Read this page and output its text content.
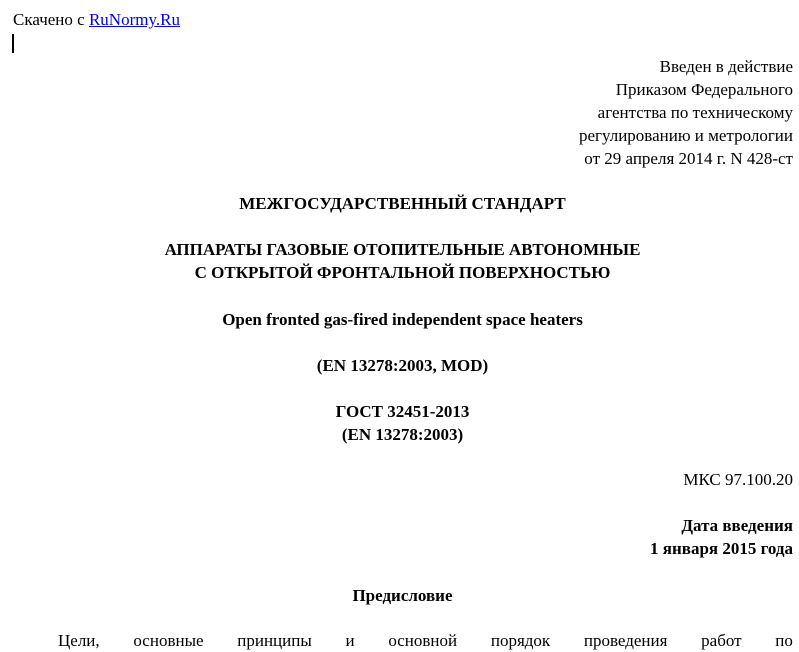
Скачено с RuNormy.Ru
Введен в действие
Приказом Федерального
агентства по техническому
регулированию и метрологии
от 29 апреля 2014 г. N 428-ст
МЕЖГОСУДАРСТВЕННЫЙ СТАНДАРТ
АППАРАТЫ ГАЗОВЫЕ ОТОПИТЕЛЬНЫЕ АВТОНОМНЫЕ
С ОТКРЫТОЙ ФРОНТАЛЬНОЙ ПОВЕРХНОСТЬЮ
Open fronted gas-fired independent space heaters
(EN 13278:2003, MOD)
ГОСТ 32451-2013
(EN 13278:2003)
МКС 97.100.20
Дата введения
1 января 2015 года
Предисловие
Цели, основные принципы и основной порядок проведения работ по
